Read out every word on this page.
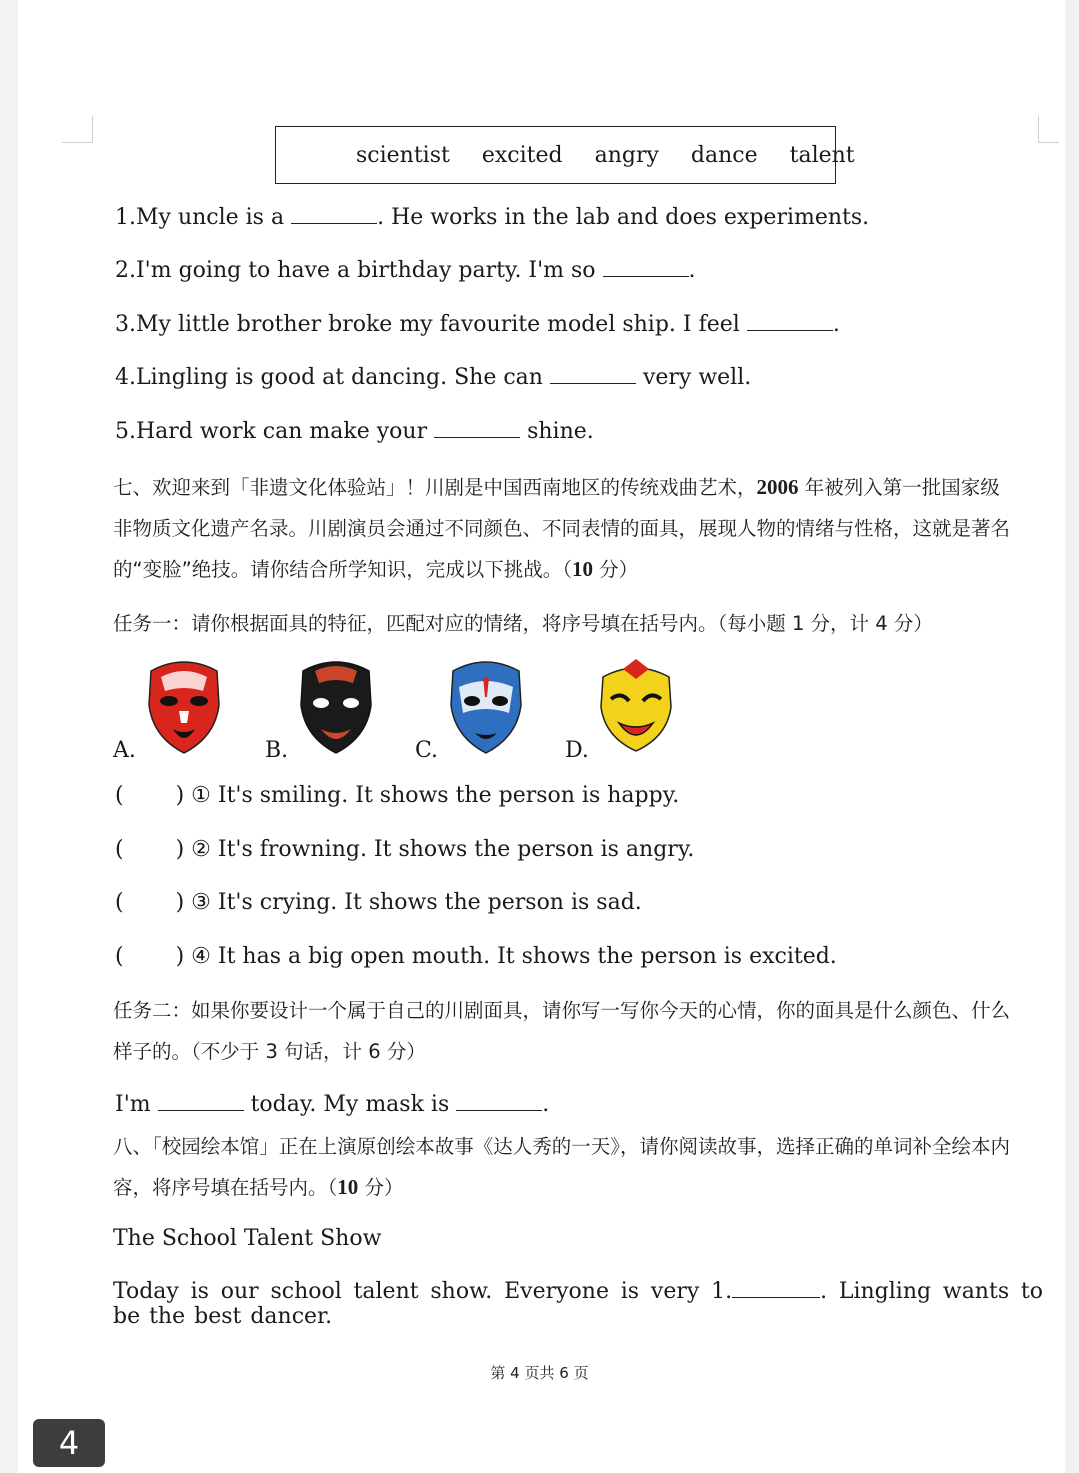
scientist excited angry dance talent
1.My uncle is a	. He works in the lab and does experiments.
2.I'm going to have a birthday party. I'm so	.
3.My little brother broke my favourite model ship. I feel	.
4.Lingling is good at dancing. She can	very well.
5.Hard work can make your	shine.
七、欢迎来到「非遗文化体验站」！川剧是中国西南地区的传统戏曲艺术，2006 年被列入第一批国家级非物质文化遗产名录。川剧演员会通过不同颜色、不同表情的面具，展现人物的情绪与性格，这就是著名的“变脸”绝技。请你结合所学知识，完成以下挑战。（10 分）
任务一：请你根据面具的特征，匹配对应的情绪，将序号填在括号内。（每小题 1 分，计 4 分）
A.	B.	C.	D.
( ) ① It's smiling. It shows the person is happy.
( ) ② It's frowning. It shows the person is angry.
( ) ③ It's crying. It shows the person is sad.
( ) ④ It has a big open mouth. It shows the person is excited.
任务二：如果你要设计一个属于自己的川剧面具，请你写一写你今天的心情，你的面具是什么颜色、什么样子的。（不少于 3 句话，计 6 分）
I'm	today. My mask is	.
八、「校园绘本馆」正在上演原创绘本故事《达人秀的一天》，请你阅读故事，选择正确的单词补全绘本内容，将序号填在括号内。（10 分）
The School Talent Show
Today is our school talent show. Everyone is very 1.	. Lingling wants to be the best dancer.
第 4 页共 6 页
4
